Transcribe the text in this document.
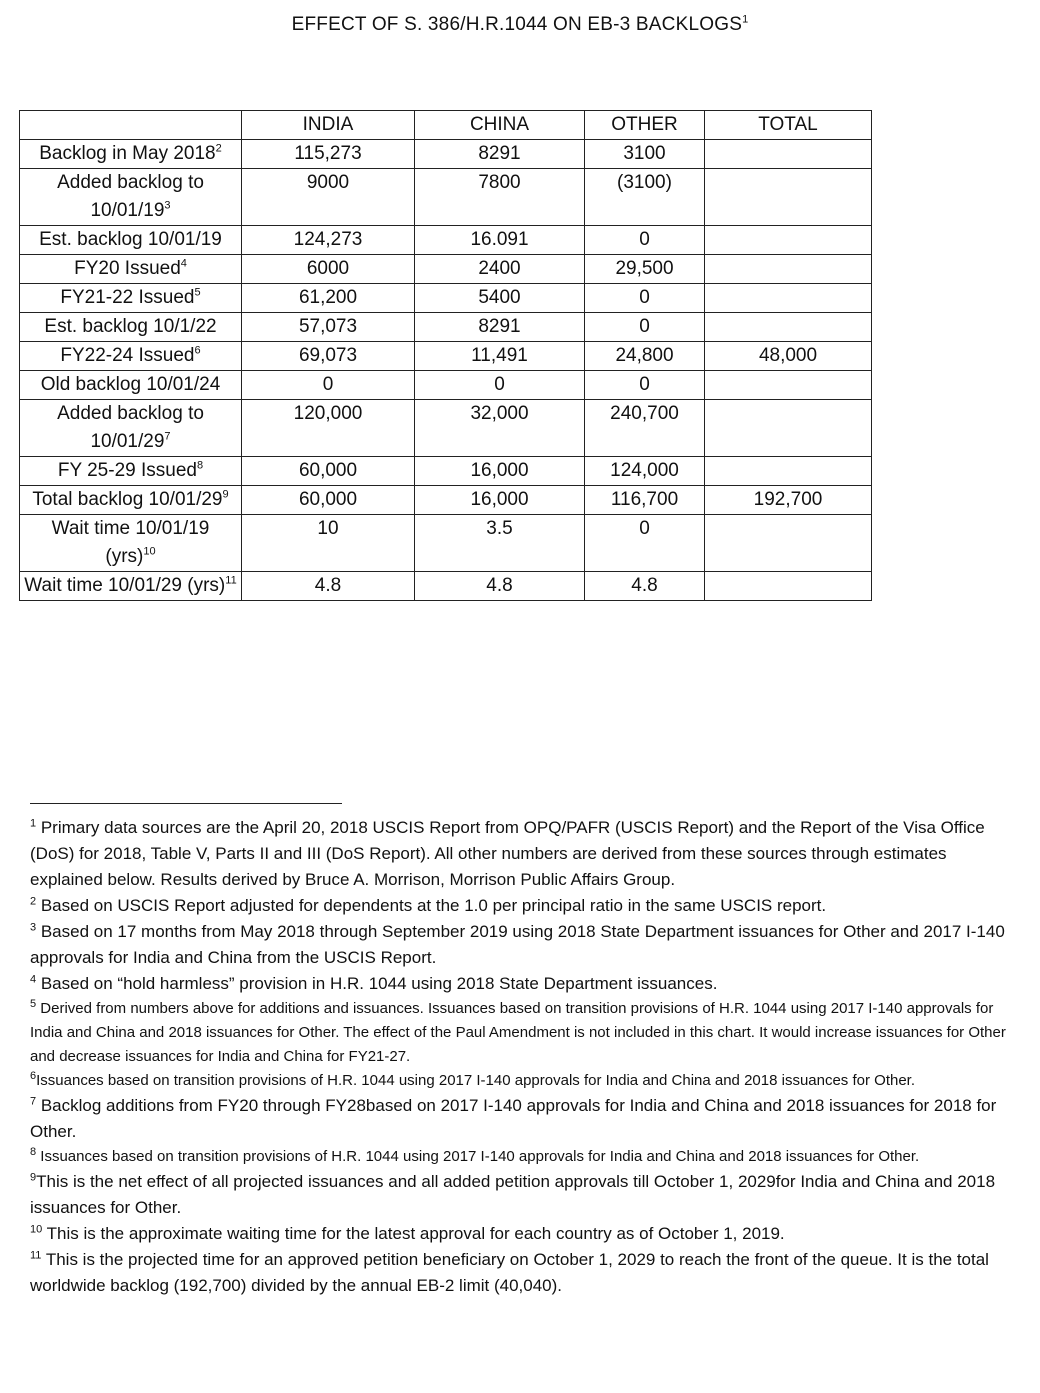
EFFECT OF S. 386/H.R.1044 ON EB-3 BACKLOGS$^1$
	INDIA	CHINA	OTHER	TOTAL
Backlog in May 2018$^2$	115,273	8291	3100	
Added backlog to $10/01/19^3$	9000	7800	(3100)	
Est. backlog 10/01/19	124,273	16.091	0	
FY20 Issued$^4$	6000	2400	29,500	
FY21-22 Issued$^5$	61,200	5400	0	
Est. backlog 10/1/22	57,073	8291	0	
FY22-24 Issued$^6$	69,073	11,491	24,800	48,000
Old backlog 10/01/24	0	0	0	
Added backlog to $10/01/29^7$	120,000	32,000	240,700	
FY 25-29 Issued$^8$	60,000	16,000	124,000	
Total backlog $10/01/29^9$	60,000	16,000	116,700	192,700
Wait time 10/01/19 (yrs)$^{10}$	10	3.5	0	
Wait time 10/01/29 (yrs)$^{11}$	4.8	4.8	4.8	

$^1$ Primary data sources are the April 20, 2018 USCIS Report from OPQ/PAFR (USCIS Report) and the Report of the Visa Office (DoS) for 2018, Table V, Parts II and III (DoS Report). All other numbers are derived from these sources through estimates explained below. Results derived by Bruce A. Morrison, Morrison Public Affairs Group.

$^2$ Based on USCIS Report adjusted for dependents at the 1.0 per principal ratio in the same USCIS report.

$^3$ Based on 17 months from May 2018 through September 2019 using 2018 State Department issuances for Other and 2017 I-140 approvals for India and China from the USCIS Report.

$^4$ Based on “hold harmless” provision in H.R. 1044 using 2018 State Department issuances.

$^5$ Derived from numbers above for additions and issuances. Issuances based on transition provisions of H.R. 1044 using 2017 I-140 approvals for India and China and 2018 issuances for Other. The effect of the Paul Amendment is not included in this chart. It would increase issuances for Other and decrease issuances for India and China for FY21-27.

$^6$Issuances based on transition provisions of H.R. 1044 using 2017 I-140 approvals for India and China and 2018 issuances for Other.

$^7$ Backlog additions from FY20 through FY28based on 2017 I-140 approvals for India and China and 2018 issuances for 2018 for Other.

$^8$ Issuances based on transition provisions of H.R. 1044 using 2017 I-140 approvals for India and China and 2018 issuances for Other.

$^9$This is the net effect of all projected issuances and all added petition approvals till October 1, 2029for India and China and 2018 issuances for Other.

$^{10}$ This is the approximate waiting time for the latest approval for each country as of October 1, 2019.

$^{11}$ This is the projected time for an approved petition beneficiary on October 1, 2029 to reach the front of the queue. It is the total worldwide backlog (192,700) divided by the annual EB-2 limit (40,040).
